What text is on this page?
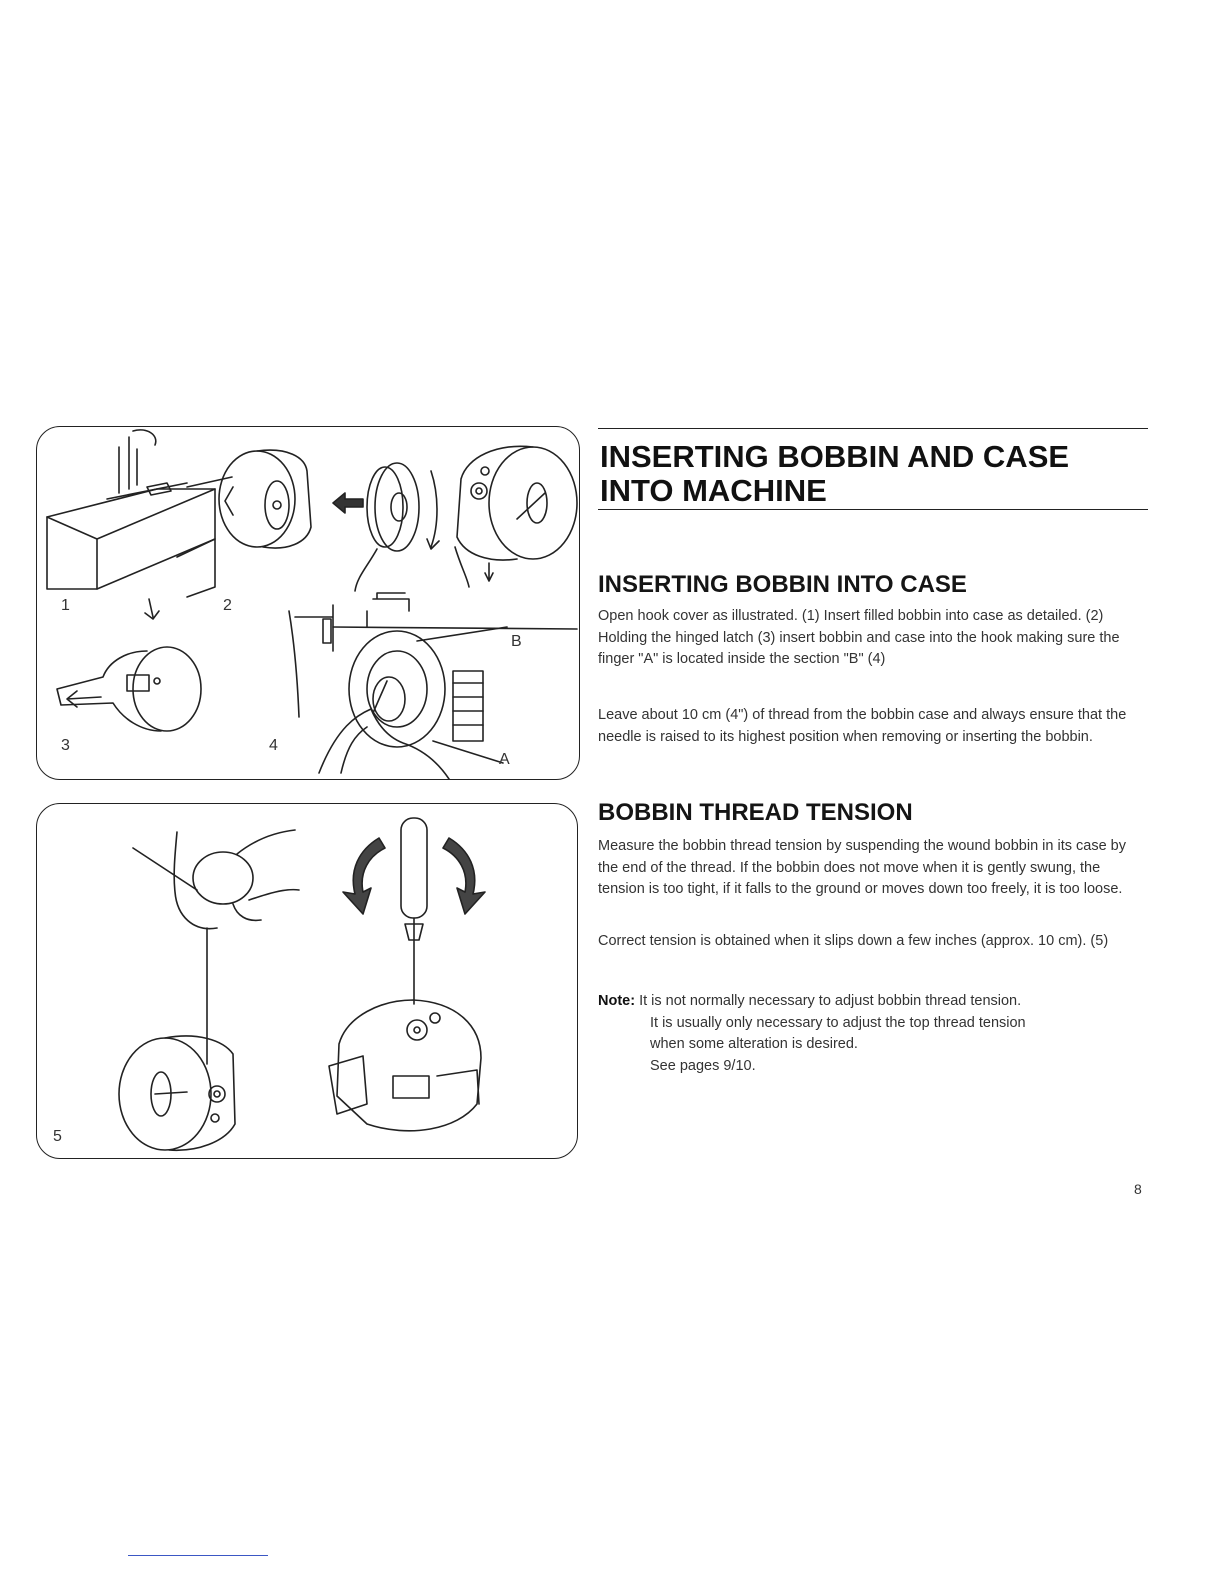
1	2
3	4
B
A
5
INSERTING BOBBIN AND CASE
INTO MACHINE
INSERTING BOBBIN INTO CASE

Open hook cover as illustrated. (1) Insert filled bobbin into case as detailed. (2) Holding the hinged latch (3) insert bobbin and case into the hook making sure the finger "A" is located inside the section "B" (4)

Leave about 10 cm (4") of thread from the bobbin case and always ensure that the needle is raised to its highest position when removing or inserting the bobbin.

BOBBIN THREAD TENSION

Measure the bobbin thread tension by suspending the wound bobbin in its case by the end of the thread. If the bobbin does not move when it is gently swung, the tension is too tight, if it falls to the ground or moves down too freely, it is too loose.

Correct tension is obtained when it slips down a few inches (approx. 10 cm). (5)

Note: It is not normally necessary to adjust bobbin thread tension.
It is usually only necessary to adjust the top thread tension
when some alteration is desired.
See pages 9/10.
8
